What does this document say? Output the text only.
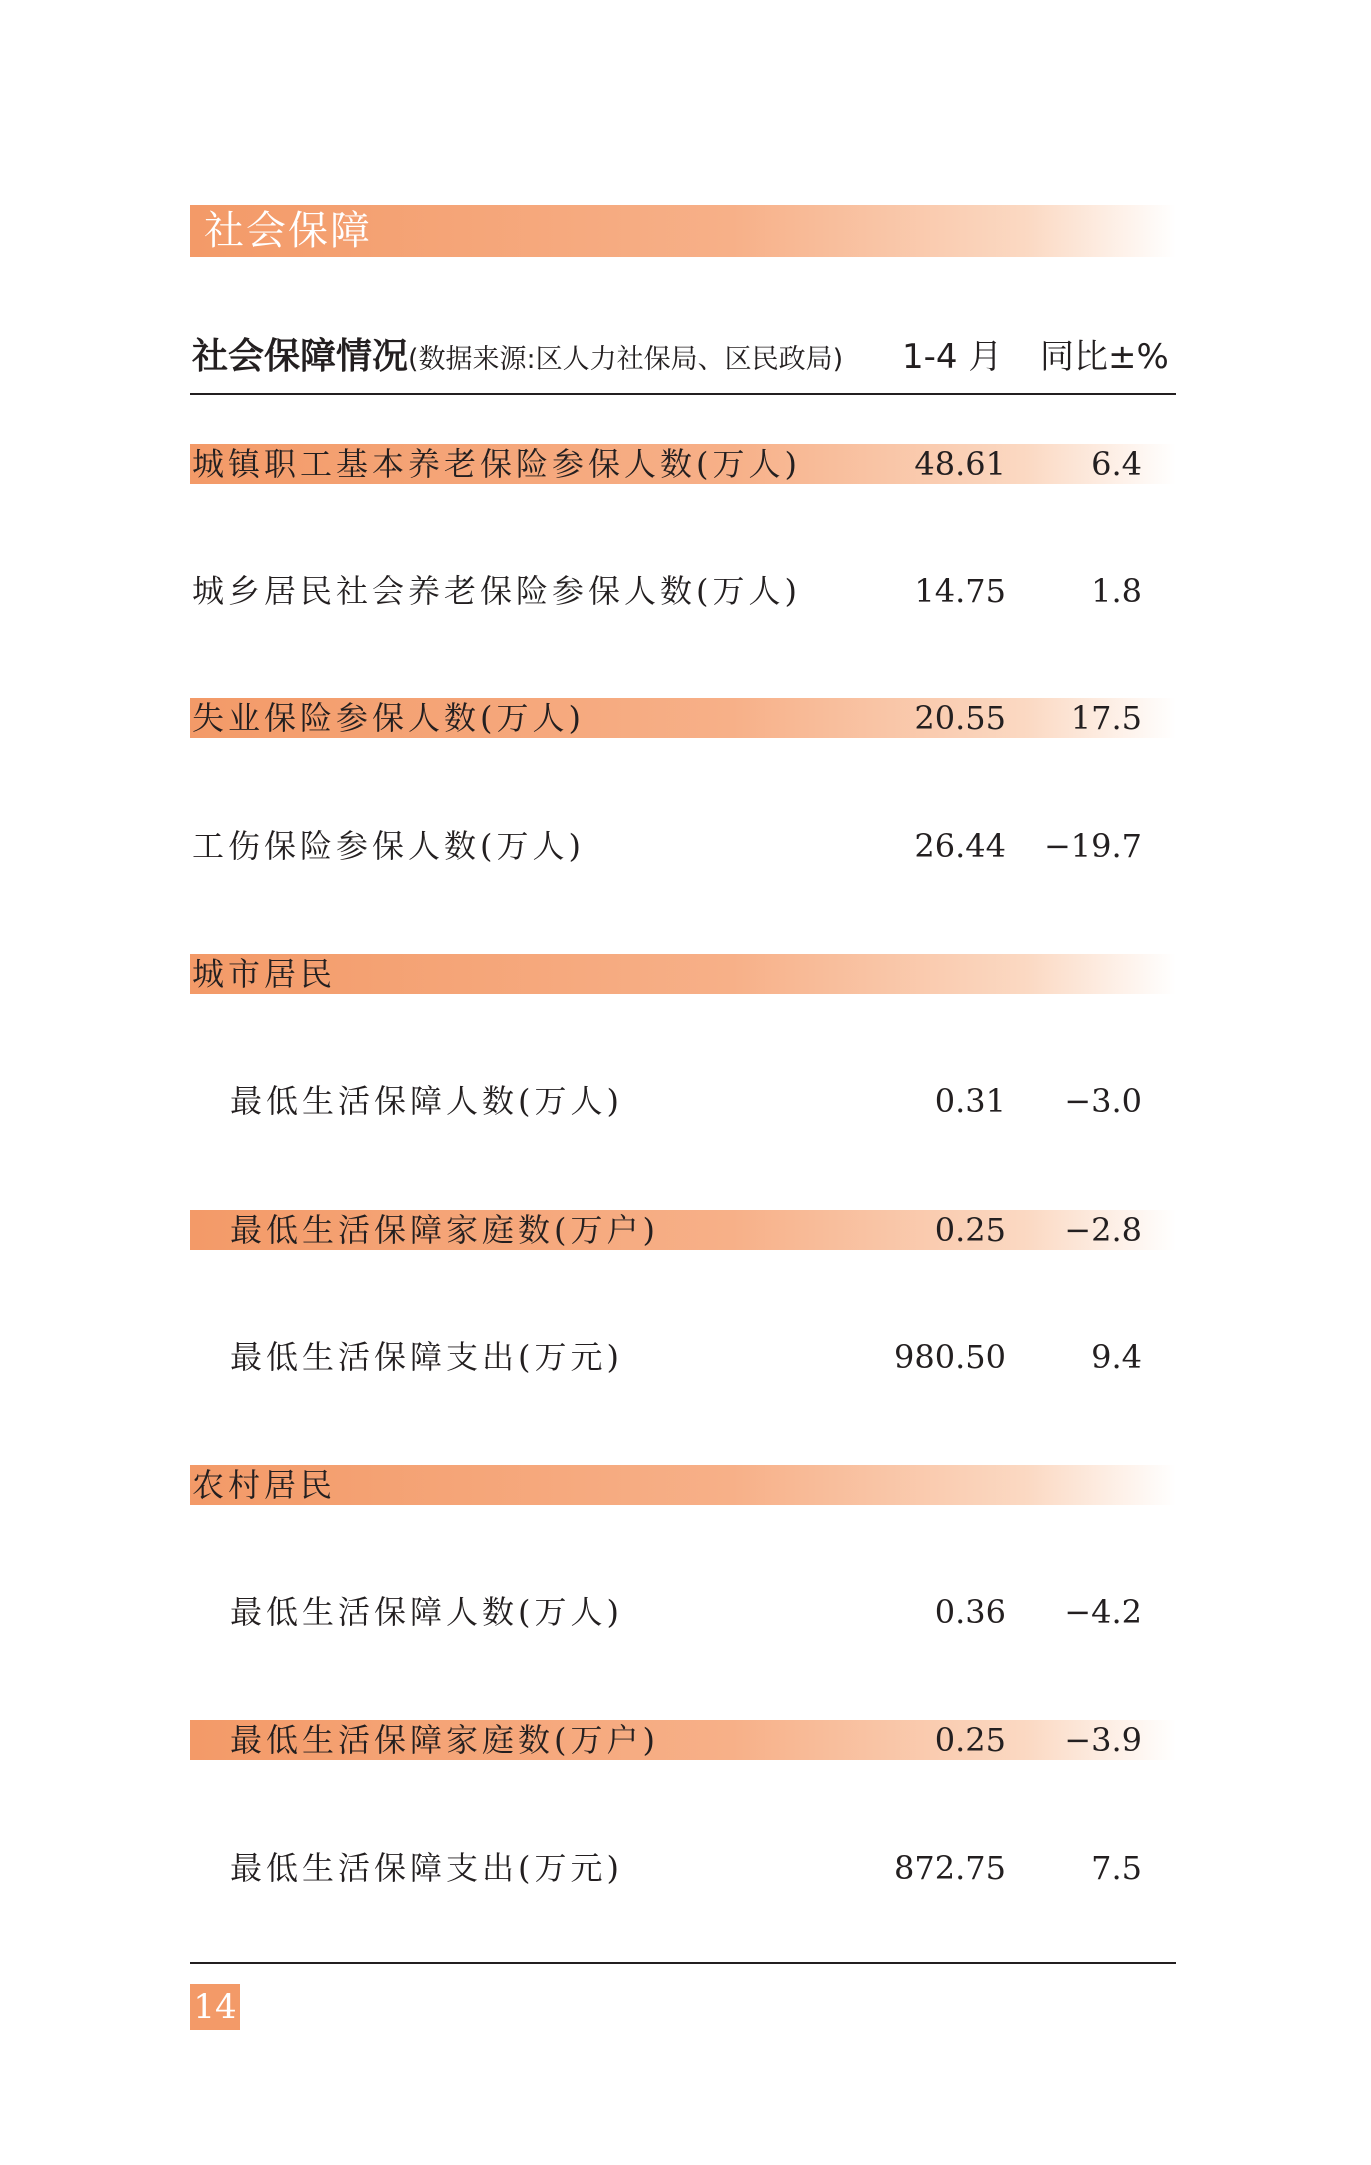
社会保障
社会保障情况(数据来源:区人力社保局、区民政局) 1-4 月 同比±%
城镇职工基本养老保险参保人数(万人)	48.61	6.4
城乡居民社会养老保险参保人数(万人)	14.75	1.8
失业保险参保人数(万人)	20.55 17.5
工伤保险参保人数(万人)	26.44 −19.7
城市居民
最低生活保障人数(万人)	0.31 −3.0
最低生活保障家庭数(万户)	0.25 −2.8
最低生活保障支出(万元)	980.50	9.4
农村居民
最低生活保障人数(万人)	0.36 −4.2
最低生活保障家庭数(万户)	0.25 −3.9
最低生活保障支出(万元)	872.75	7.5
14
